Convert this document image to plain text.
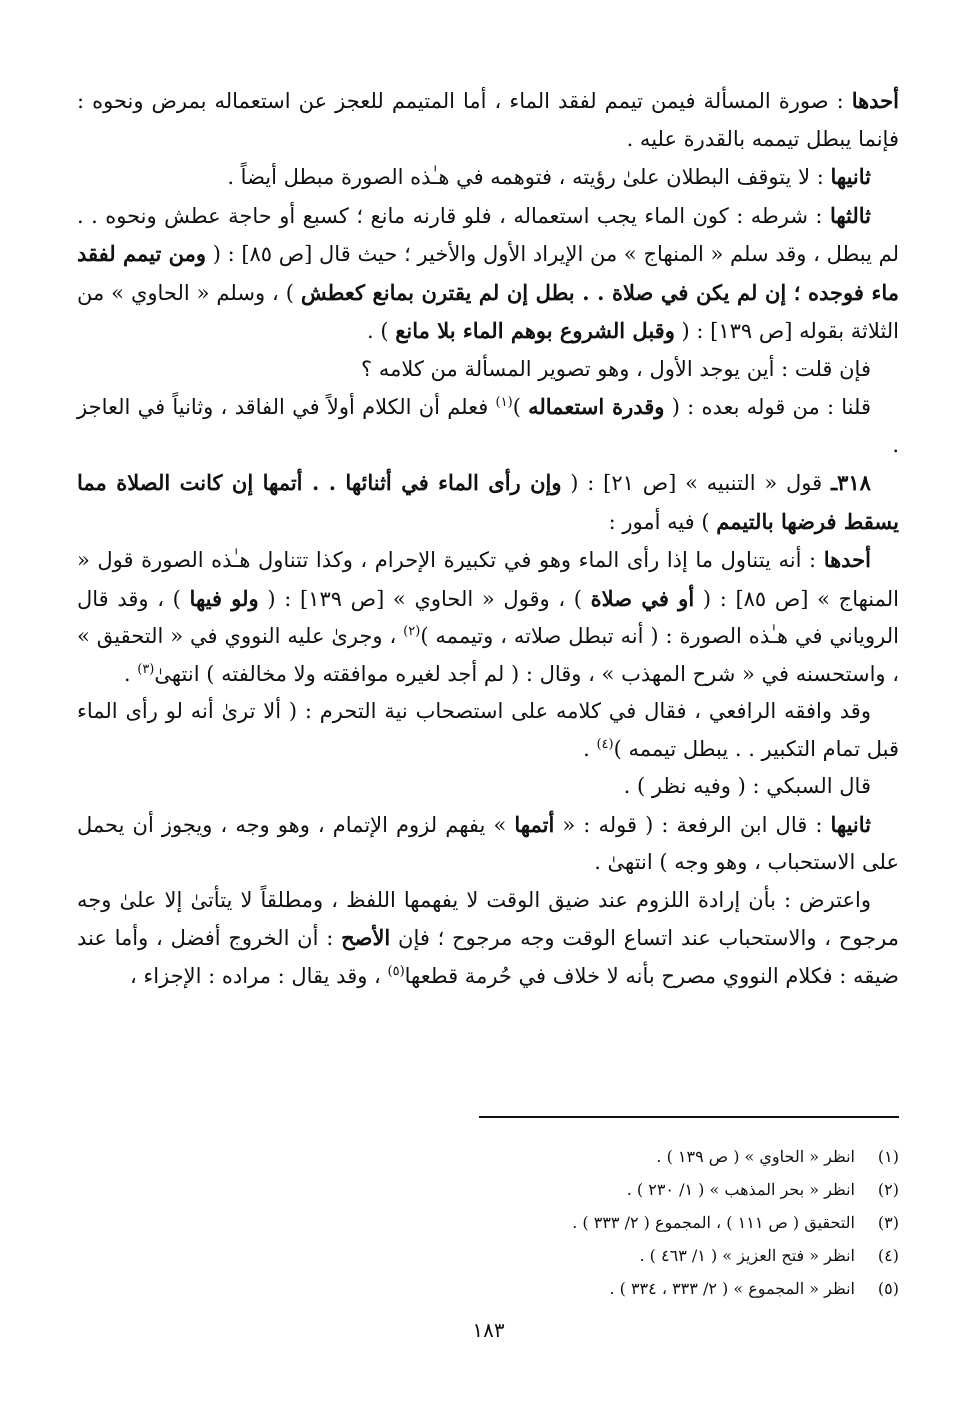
أحدها : صورة المسألة فيمن تيمم لفقد الماء ، أما المتيمم للعجز عن استعماله بمرض ونحوه : فإنما يبطل تيممه بالقدرة عليه .

ثانيها : لا يتوقف البطلان علىٰ رؤيته ، فتوهمه في هـٰذه الصورة مبطل أيضاً .

ثالثها : شرطه : كون الماء يجب استعماله ، فلو قارنه مانع ؛ كسبع أو حاجة عطش ونحوه . . لم يبطل ، وقد سلم « المنهاج » من الإيراد الأول والأخير ؛ حيث قال [ص ٨٥] : ( ومن تيمم لفقد ماء فوجده ؛ إن لم يكن في صلاة . . بطل إن لم يقترن بمانع كعطش ) ، وسلم « الحاوي » من الثلاثة بقوله [ص ١٣٩] : ( وقبل الشروع بوهم الماء بلا مانع ) .

فإن قلت : أين يوجد الأول ، وهو تصوير المسألة من كلامه ؟

قلنا : من قوله بعده : ( وقدرة استعماله )$^{(١)}$ فعلم أن الكلام أولاً في الفاقد ، وثانياً في العاجز .

٣١٨ـ قول « التنبيه » [ص ٢١] : ( وإن رأى الماء في أثنائها . . أتمها إن كانت الصلاة مما يسقط فرضها بالتيمم ) فيه أمور :

أحدها : أنه يتناول ما إذا رأى الماء وهو في تكبيرة الإحرام ، وكذا تتناول هـٰذه الصورة قول « المنهاج » [ص ٨٥] : ( أو في صلاة ) ، وقول « الحاوي » [ص ١٣٩] : ( ولو فيها ) ، وقد قال الروياني في هـٰذه الصورة : ( أنه تبطل صلاته ، وتيممه )$^{(٢)}$ ، وجرىٰ عليه النووي في « التحقيق » ، واستحسنه في « شرح المهذب » ، وقال : ( لم أجد لغيره موافقته ولا مخالفته ) انتهىٰ$^{(٣)}$ .

وقد وافقه الرافعي ، فقال في كلامه على استصحاب نية التحرم : ( ألا ترىٰ أنه لو رأى الماء قبل تمام التكبير . . يبطل تيممه )$^{(٤)}$ .

قال السبكي : ( وفيه نظر ) .

ثانيها : قال ابن الرفعة : ( قوله : « أتمها » يفهم لزوم الإتمام ، وهو وجه ، ويجوز أن يحمل على الاستحباب ، وهو وجه ) انتهىٰ .

واعترض : بأن إرادة اللزوم عند ضيق الوقت لا يفهمها اللفظ ، ومطلقاً لا يتأتىٰ إلا علىٰ وجه مرجوح ، والاستحباب عند اتساع الوقت وجه مرجوح ؛ فإن الأصح : أن الخروج أفضل ، وأما عند ضيقه : فكلام النووي مصرح بأنه لا خلاف في حُرمة قطعها$^{(٥)}$ ، وقد يقال : مراده : الإجزاء ،

(١)انظر « الحاوي » ( ص ١٣٩ ) .
(٢)انظر « بحر المذهب » ( ١/ ٢٣٠ ) .
(٣)التحقيق ( ص ١١١ ) ، المجموع ( ٢/ ٣٣٣ ) .
(٤)انظر « فتح العزيز » ( ١/ ٤٦٣ ) .
(٥)انظر « المجموع » ( ٢/ ٣٣٣ ، ٣٣٤ ) .
١٨٣
